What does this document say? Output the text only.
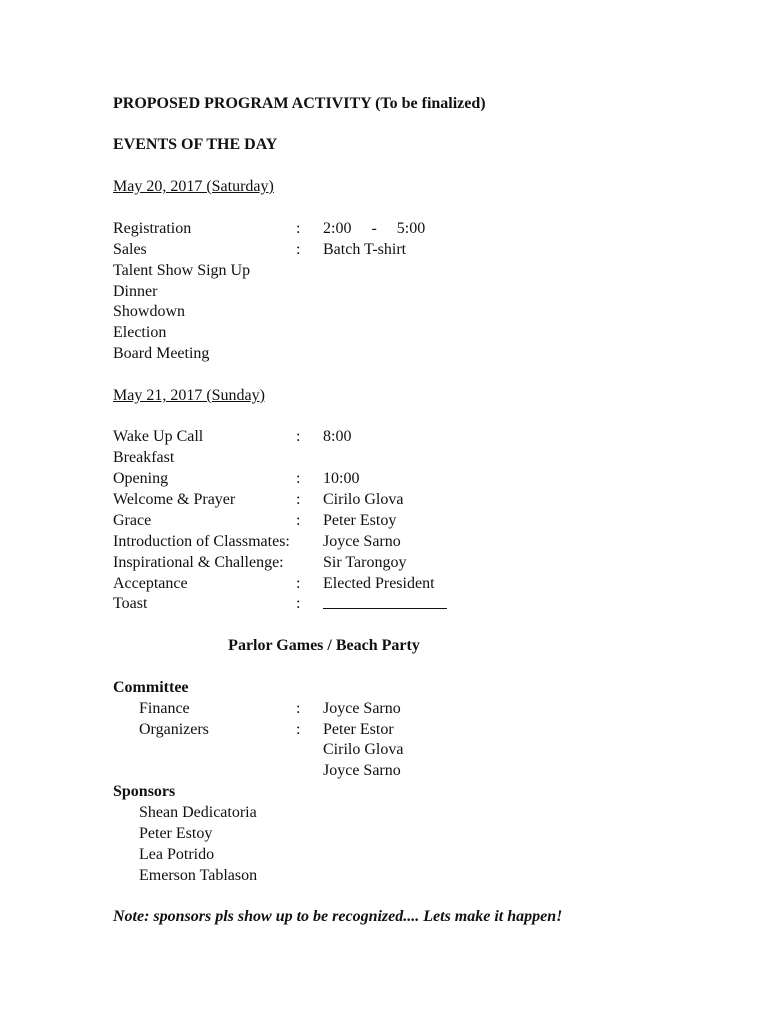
PROPOSED PROGRAM ACTIVITY (To be finalized)
EVENTS OF THE DAY
May 20, 2017 (Saturday)
Registration	: 2:00     -     5:00
Sales	: Batch T-shirt
Talent Show Sign Up
Dinner
Showdown
Election
Board Meeting
May 21, 2017 (Sunday)
Wake Up Call	: 8:00
Breakfast
Opening	: 10:00
Welcome & Prayer	: Cirilo Glova
Grace	: Peter Estoy
Introduction of Classmates: Joyce Sarno
Inspirational & Challenge: Sir Tarongoy
Acceptance	: Elected President
Toast	:
Parlor Games / Beach Party
Committee
Finance	: Joyce Sarno
Organizers	: Peter Estor
Cirilo Glova
Joyce Sarno
Sponsors
Shean Dedicatoria
Peter Estoy
Lea Potrido
Emerson Tablason
Note: sponsors pls show up to be recognized.... Lets make it happen!
